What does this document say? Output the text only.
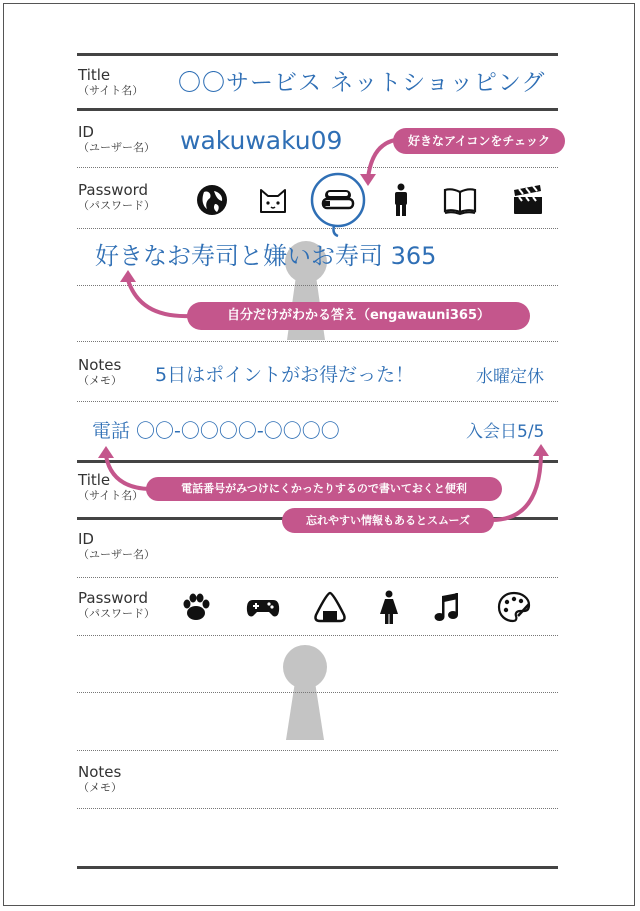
Title
（サイト名） 〇〇サービス ネットショッピング
ID
（ユーザー名） wakuwaku09	好きなアイコンをチェック
Password
（パスワード）
好きなお寿司と嫌いお寿司 365
自分だけがわかる答え（engawauni365）
Notes
（メモ） 5日はポイントがお得だった！	水曜定休
電話 〇〇-〇〇〇〇-〇〇〇〇	入会日5/5
Title
（サイト名）
電話番号がみつけにくかったりするので書いておくと便利
忘れやすい情報もあるとスムーズ
ID
（ユーザー名）
Password
（パスワード）
Notes
（メモ）
